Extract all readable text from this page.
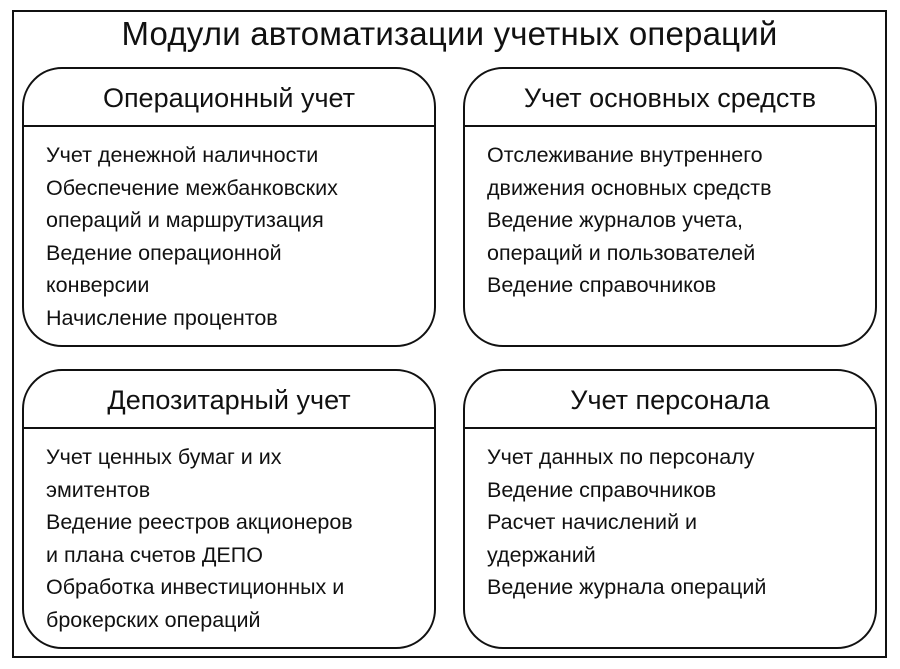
Модули автоматизации учетных операций
Операционный учет
Учет денежной наличности
Обеспечение межбанковских
операций и маршрутизация
Ведение операционной
конверсии
Начисление процентов
Учет основных средств
Отслеживание внутреннего
движения основных средств
Ведение журналов учета,
операций и пользователей
Ведение справочников
Депозитарный учет
Учет ценных бумаг и их
эмитентов
Ведение реестров акционеров
и плана счетов ДЕПО
Обработка инвестиционных и
брокерских операций
Учет персонала
Учет данных по персоналу
Ведение справочников
Расчет начислений и
удержаний
Ведение журнала операций
